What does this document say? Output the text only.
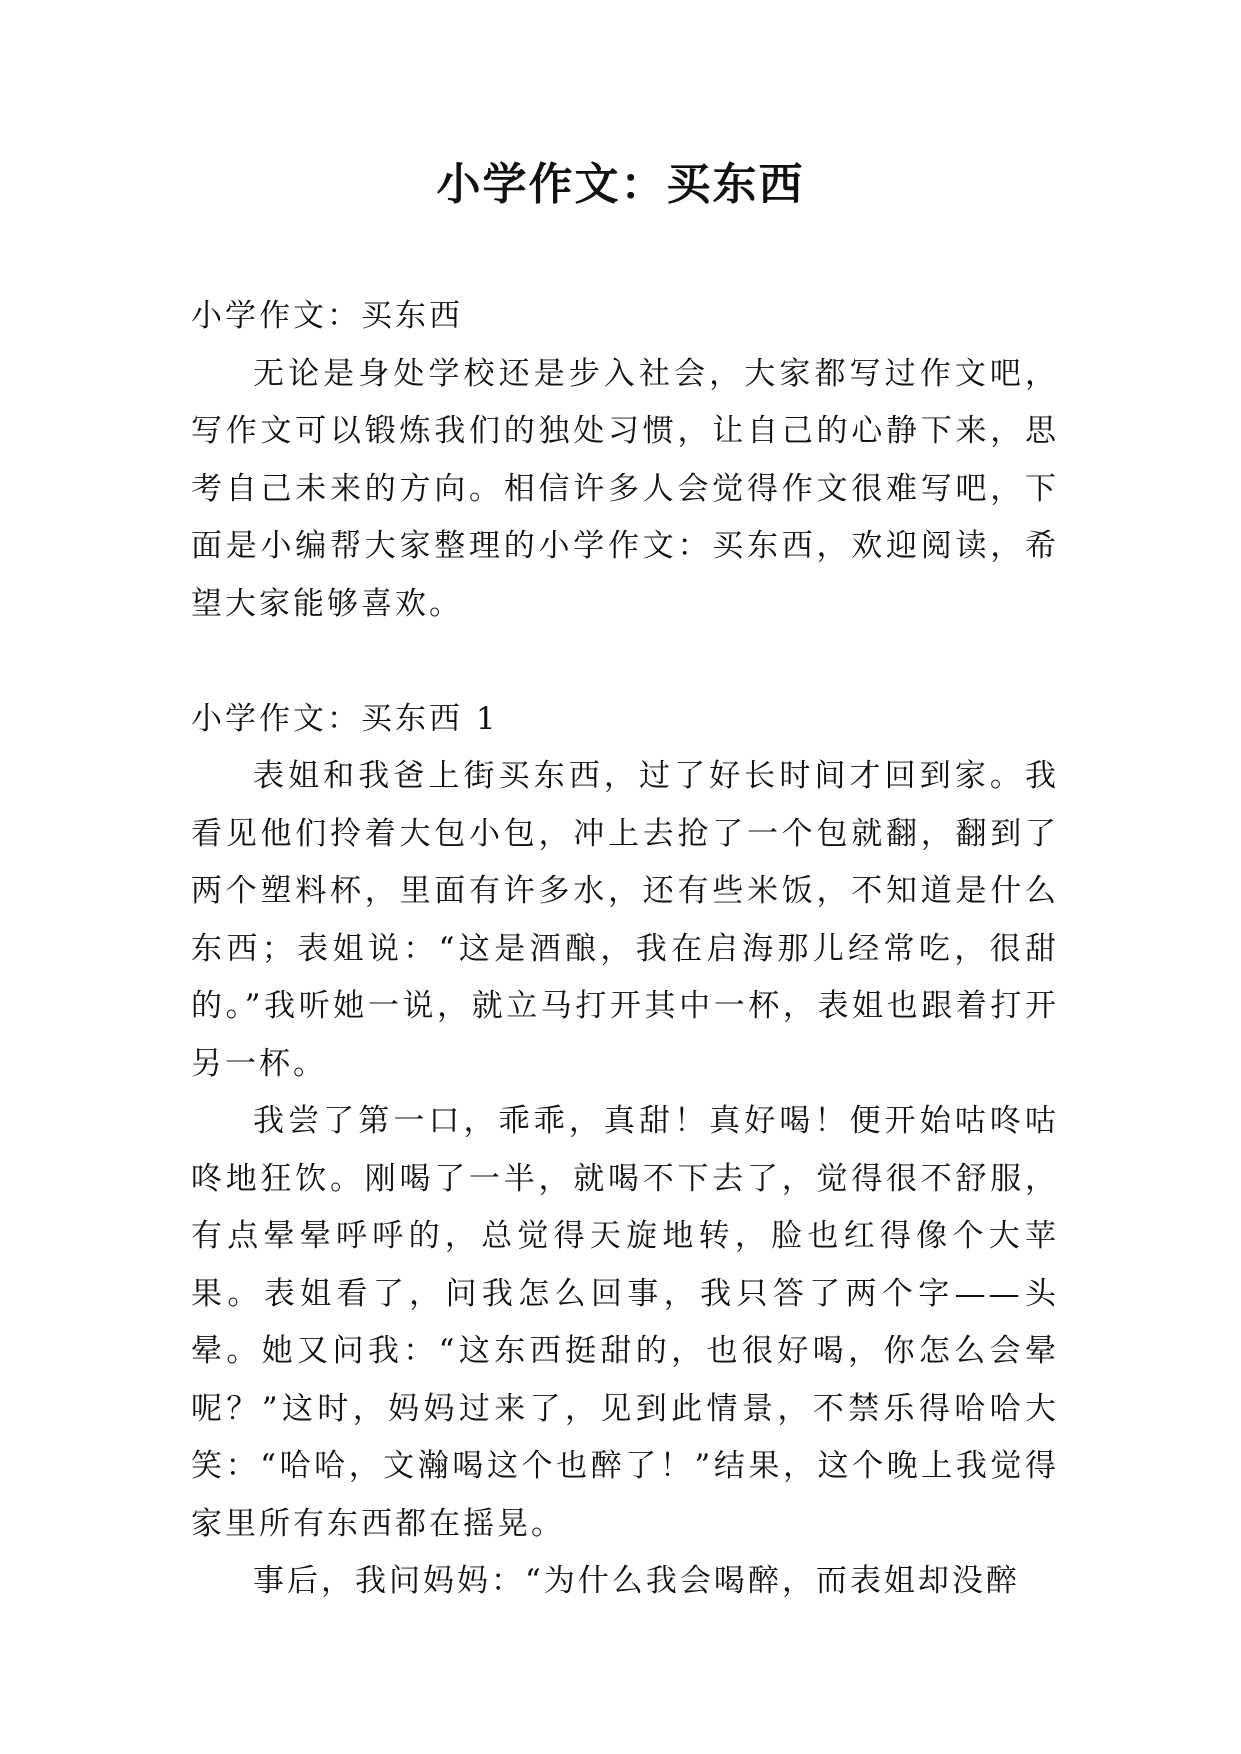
小学作文：买东西

小学作文：买东西

无论是身处学校还是步入社会，大家都写过作文吧，写作文可以锻炼我们的独处习惯，让自己的心静下来，思考自己未来的方向。相信许多人会觉得作文很难写吧，下面是小编帮大家整理的小学作文：买东西，欢迎阅读，希望大家能够喜欢。

小学作文：买东西 1

表姐和我爸上街买东西，过了好长时间才回到家。我看见他们拎着大包小包，冲上去抢了一个包就翻，翻到了两个塑料杯，里面有许多水，还有些米饭，不知道是什么东西；表姐说：“这是酒酿，我在启海那儿经常吃，很甜的。”我听她一说，就立马打开其中一杯，表姐也跟着打开另一杯。

我尝了第一口，乖乖，真甜！真好喝！便开始咕咚咕咚地狂饮。刚喝了一半，就喝不下去了，觉得很不舒服，有点晕晕呼呼的，总觉得天旋地转，脸也红得像个大苹果。表姐看了，问我怎么回事，我只答了两个字——头晕。她又问我：“这东西挺甜的，也很好喝，你怎么会晕呢？”这时，妈妈过来了，见到此情景，不禁乐得哈哈大笑：“哈哈，文瀚喝这个也醉了！”结果，这个晚上我觉得家里所有东西都在摇晃。

事后，我问妈妈：“为什么我会喝醉，而表姐却没醉
